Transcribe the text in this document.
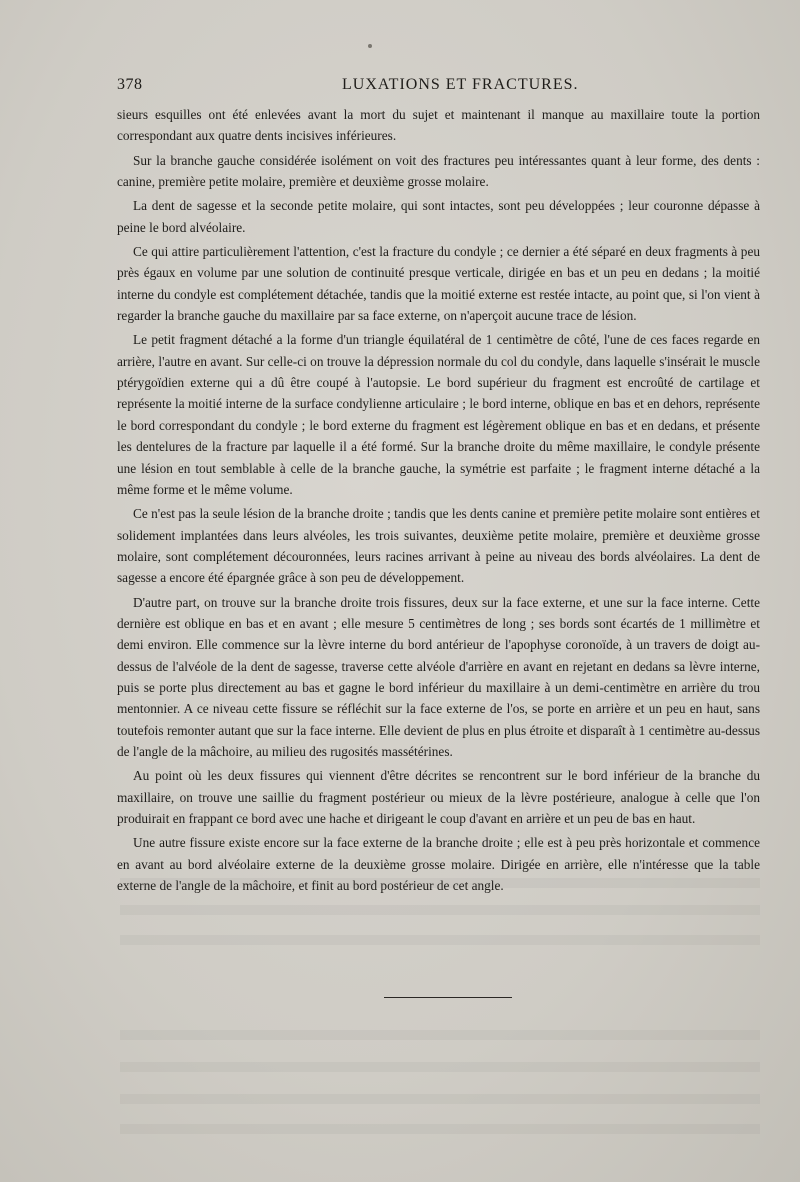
378	LUXATIONS ET FRACTURES.

sieurs esquilles ont été enlevées avant la mort du sujet et maintenant il manque au maxillaire toute la portion correspondant aux quatre dents incisives inférieures.

Sur la branche gauche considérée isolément on voit des fractures peu intéressantes quant à leur forme, des dents : canine, première petite molaire, première et deuxième grosse molaire.

La dent de sagesse et la seconde petite molaire, qui sont intactes, sont peu développées ; leur couronne dépasse à peine le bord alvéolaire.

Ce qui attire particulièrement l'attention, c'est la fracture du condyle ; ce dernier a été séparé en deux fragments à peu près égaux en volume par une solution de continuité presque verticale, dirigée en bas et un peu en dedans ; la moitié interne du condyle est complétement détachée, tandis que la moitié externe est restée intacte, au point que, si l'on vient à regarder la branche gauche du maxillaire par sa face externe, on n'aperçoit aucune trace de lésion.

Le petit fragment détaché a la forme d'un triangle équilatéral de 1 centimètre de côté, l'une de ces faces regarde en arrière, l'autre en avant. Sur celle-ci on trouve la dépression normale du col du condyle, dans laquelle s'insérait le muscle ptérygoïdien externe qui a dû être coupé à l'autopsie. Le bord supérieur du fragment est encroûté de cartilage et représente la moitié interne de la surface condylienne articulaire ; le bord interne, oblique en bas et en dehors, représente le bord correspondant du condyle ; le bord externe du fragment est légèrement oblique en bas et en dedans, et présente les dentelures de la fracture par laquelle il a été formé. Sur la branche droite du même maxillaire, le condyle présente une lésion en tout semblable à celle de la branche gauche, la symétrie est parfaite ; le fragment interne détaché a la même forme et le même volume.

Ce n'est pas la seule lésion de la branche droite ; tandis que les dents canine et première petite molaire sont entières et solidement implantées dans leurs alvéoles, les trois suivantes, deuxième petite molaire, première et deuxième grosse molaire, sont complétement découronnées, leurs racines arrivant à peine au niveau des bords alvéolaires. La dent de sagesse a encore été épargnée grâce à son peu de développement.

D'autre part, on trouve sur la branche droite trois fissures, deux sur la face externe, et une sur la face interne. Cette dernière est oblique en bas et en avant ; elle mesure 5 centimètres de long ; ses bords sont écartés de 1 millimètre et demi environ. Elle commence sur la lèvre interne du bord antérieur de l'apophyse coronoïde, à un travers de doigt au-dessus de l'alvéole de la dent de sagesse, traverse cette alvéole d'arrière en avant en rejetant en dedans sa lèvre interne, puis se porte plus directement au bas et gagne le bord inférieur du maxillaire à un demi-centimètre en arrière du trou mentonnier. A ce niveau cette fissure se réfléchit sur la face externe de l'os, se porte en arrière et un peu en haut, sans toutefois remonter autant que sur la face interne. Elle devient de plus en plus étroite et disparaît à 1 centimètre au-dessus de l'angle de la mâchoire, au milieu des rugosités massétérines.

Au point où les deux fissures qui viennent d'être décrites se rencontrent sur le bord inférieur de la branche du maxillaire, on trouve une saillie du fragment postérieur ou mieux de la lèvre postérieure, analogue à celle que l'on produirait en frappant ce bord avec une hache et dirigeant le coup d'avant en arrière et un peu de bas en haut.

Une autre fissure existe encore sur la face externe de la branche droite ; elle est à peu près horizontale et commence en avant au bord alvéolaire externe de la deuxième grosse molaire. Dirigée en arrière, elle n'intéresse que la table externe de l'angle de la mâchoire, et finit au bord postérieur de cet angle.
